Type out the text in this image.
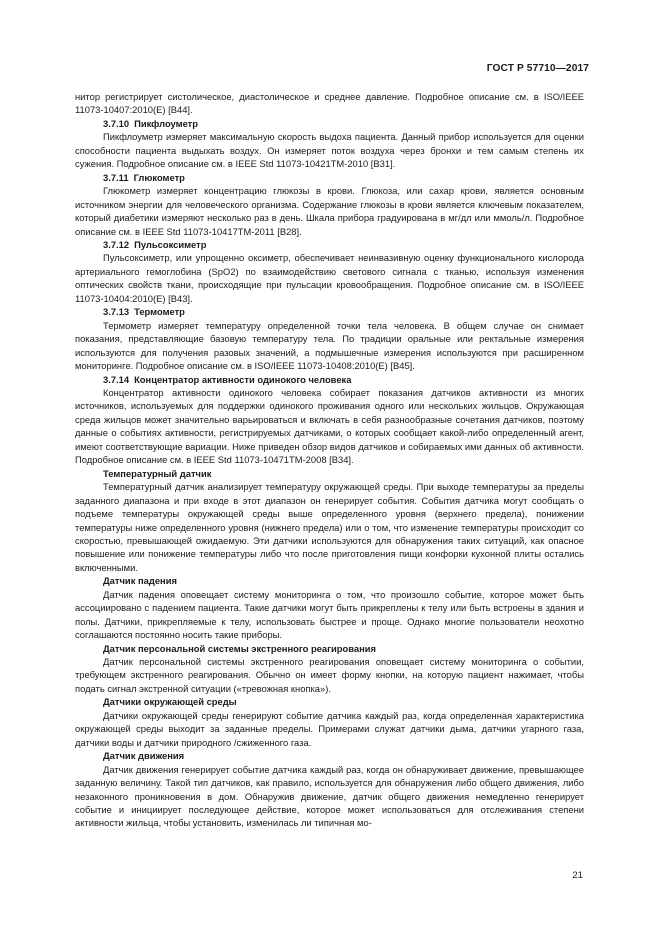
ГОСТ Р 57710—2017

нитор регистрирует систолическое, диастолическое и среднее давление. Подробное описание см. в ISO/IEEE 11073-10407:2010(E) [B44].

3.7.10 Пикфлоуметр

Пикфлоуметр измеряет максимальную скорость выдоха пациента. Данный прибор используется для оценки способности пациента выдыхать воздух. Он измеряет поток воздуха через бронхи и тем самым степень их сужения. Подробное описание см. в IEEE Std 11073-10421TM-2010 [B31].

3.7.11 Глюкометр

Глюкометр измеряет концентрацию глюкозы в крови. Глюкоза, или сахар крови, является основным источником энергии для человеческого организма. Содержание глюкозы в крови является ключевым показателем, который диабетики измеряют несколько раз в день. Шкала прибора градуирована в мг/дл или ммоль/л. Подробное описание см. в IEEE Std 11073-10417TM-2011 [B28].

3.7.12 Пульсоксиметр

Пульсоксиметр, или упрощенно оксиметр, обеспечивает неинвазивную оценку функционального кислорода артериального гемоглобина (SpO2) по взаимодействию светового сигнала с тканью, используя изменения оптических свойств ткани, происходящие при пульсации кровообращения. Подробное описание см. в ISO/IEEE 11073-10404:2010(E) [B43].

3.7.13 Термометр

Термометр измеряет температуру определенной точки тела человека. В общем случае он снимает показания, представляющие базовую температуру тела. По традиции оральные или ректальные измерения используются для получения разовых значений, а подмышечные измерения используются при расширенном мониторинге. Подробное описание см. в ISO/IEEE 11073-10408:2010(E) [B45].

3.7.14 Концентратор активности одинокого человека

Концентратор активности одинокого человека собирает показания датчиков активности из многих источников, используемых для поддержки одинокого проживания одного или нескольких жильцов. Окружающая среда жильцов может значительно варьироваться и включать в себя разнообразные сочетания датчиков, поэтому данные о событиях активности, регистрируемых датчиками, о которых сообщает какой-либо определенный агент, имеют соответствующие вариации. Ниже приведен обзор видов датчиков и собираемых ими данных об активности. Подробное описание см. в IEEE Std 11073-10471TM-2008 [B34].

Температурный датчик

Температурный датчик анализирует температуру окружающей среды. При выходе температуры за пределы заданного диапазона и при входе в этот диапазон он генерирует события. События датчика могут сообщать о подъеме температуры окружающей среды выше определенного уровня (верхнего предела), понижении температуры ниже определенного уровня (нижнего предела) или о том, что изменение температуры происходит со скоростью, превышающей ожидаемую. Эти датчики используются для обнаружения таких ситуаций, как опасное повышение или понижение температуры либо что после приготовления пищи конфорки кухонной плиты остались включенными.

Датчик падения

Датчик падения оповещает систему мониторинга о том, что произошло событие, которое может быть ассоциировано с падением пациента. Такие датчики могут быть прикреплены к телу или быть встроены в здания и полы. Датчики, прикрепляемые к телу, использовать быстрее и проще. Однако многие пользователи неохотно соглашаются постоянно носить такие приборы.

Датчик персональной системы экстренного реагирования

Датчик персональной системы экстренного реагирования оповещает систему мониторинга о событии, требующем экстренного реагирования. Обычно он имеет форму кнопки, на которую пациент нажимает, чтобы подать сигнал экстренной ситуации («тревожная кнопка»).

Датчики окружающей среды

Датчики окружающей среды генерируют событие датчика каждый раз, когда определенная характеристика окружающей среды выходит за заданные пределы. Примерами служат датчики дыма, датчики угарного газа, датчики воды и датчики природного /сжиженного газа.

Датчик движения

Датчик движения генерирует событие датчика каждый раз, когда он обнаруживает движение, превышающее заданную величину. Такой тип датчиков, как правило, используется для обнаружения либо общего движения, либо незаконного проникновения в дом. Обнаружив движение, датчик общего движения немедленно генерирует событие и инициирует последующее действие, которое может использоваться для отслеживания степени активности жильца, чтобы установить, изменилась ли типичная мо-

21
